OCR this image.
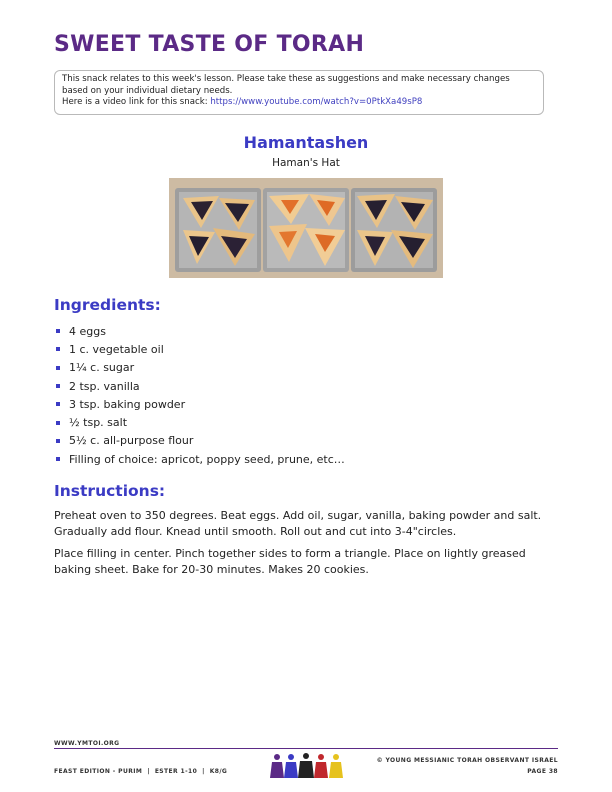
SWEET TASTE OF TORAH

This snack relates to this week's lesson. Please take these as suggestions and make necessary changes based on your individual dietary needs.

Here is a video link for this snack: https://www.youtube.com/watch?v=0PtkXa49sP8

Hamantashen
Haman's Hat
Ingredients:
4 eggs
1 c. vegetable oil
1¼ c. sugar
2 tsp. vanilla
3 tsp. baking powder
½ tsp. salt
5½ c. all-purpose flour
Filling of choice: apricot, poppy seed, prune, etc…
Instructions:

Preheat oven to 350 degrees. Beat eggs. Add oil, sugar, vanilla, baking powder and salt. Gradually add flour. Knead until smooth. Roll out and cut into 3-4"circles.

Place filling in center. Pinch together sides to form a triangle. Place on lightly greased baking sheet. Bake for 20-30 minutes. Makes 20 cookies.

WWW.YMTOI.ORG
FEAST EDITION - PURIM  |  ESTER 1-10  |  K8/G
© YOUNG MESSIANIC TORAH OBSERVANT ISRAEL
PAGE 38
